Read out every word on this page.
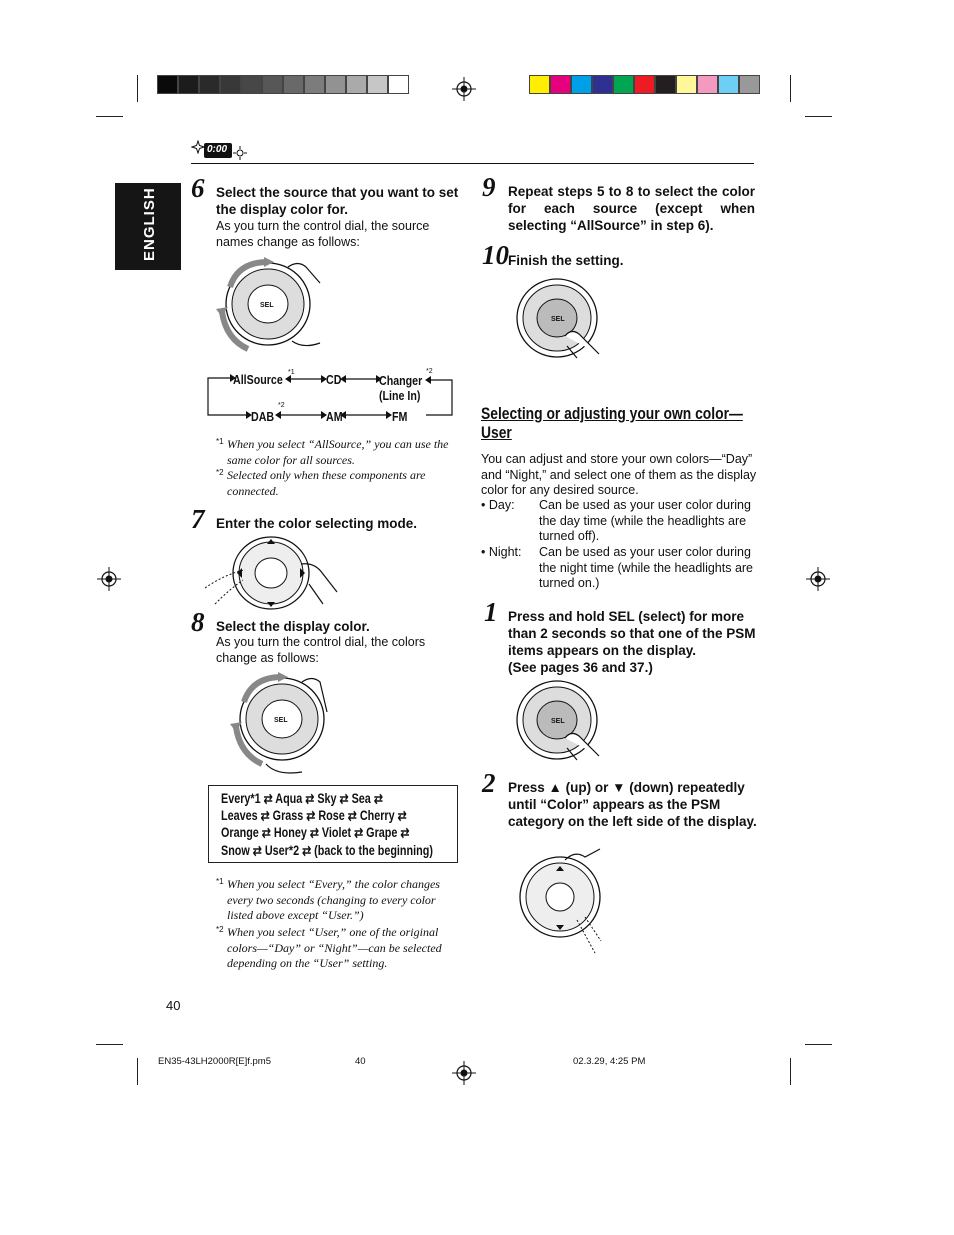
ENGLISH
0:00
6 Select the source that you want to set the display color for.
As you turn the control dial, the source names change as follows:
SEL
AllSource *1 CD	Changer
*2
(Line In)
DAB
*2
AM	FM
*1 When you select “AllSource,” you can use the same color for all sources.
*2 Selected only when these components are connected.
7 Enter the color selecting mode.
8 Select the display color.
As you turn the control dial, the colors change as follows:
SEL
Every*1 ⇄ Aqua ⇄ Sky ⇄ Sea ⇄
Leaves ⇄ Grass ⇄ Rose ⇄ Cherry ⇄
Orange ⇄ Honey ⇄ Violet ⇄ Grape ⇄
Snow ⇄ User*2 ⇄ (back to the beginning)
*1 When you select “Every,” the color changes every two seconds (changing to every color listed above except “User.”)
*2 When you select “User,” one of the original colors—“Day” or “Night”—can be selected depending on the “User” setting.
40
9 Repeat steps 5 to 8 to select the color for each source (except when selecting “AllSource” in step 6).
10 Finish the setting.
SEL
Selecting or adjusting your own color—User
You can adjust and store your own colors—“Day” and “Night,” and select one of them as the display color for any desired source.
• Day: Can be used as your user color during the day time (while the headlights are turned off).
• Night: Can be used as your user color during the night time (while the headlights are turned on.)
1 Press and hold SEL (select) for more than 2 seconds so that one of the PSM items appears on the display.
(See pages 36 and 37.)
SEL
2 Press ▲ (up) or ▼ (down) repeatedly until “Color” appears as the PSM category on the left side of the display.
EN35-43LH2000R[E]f.pm5	40	02.3.29, 4:25 PM
